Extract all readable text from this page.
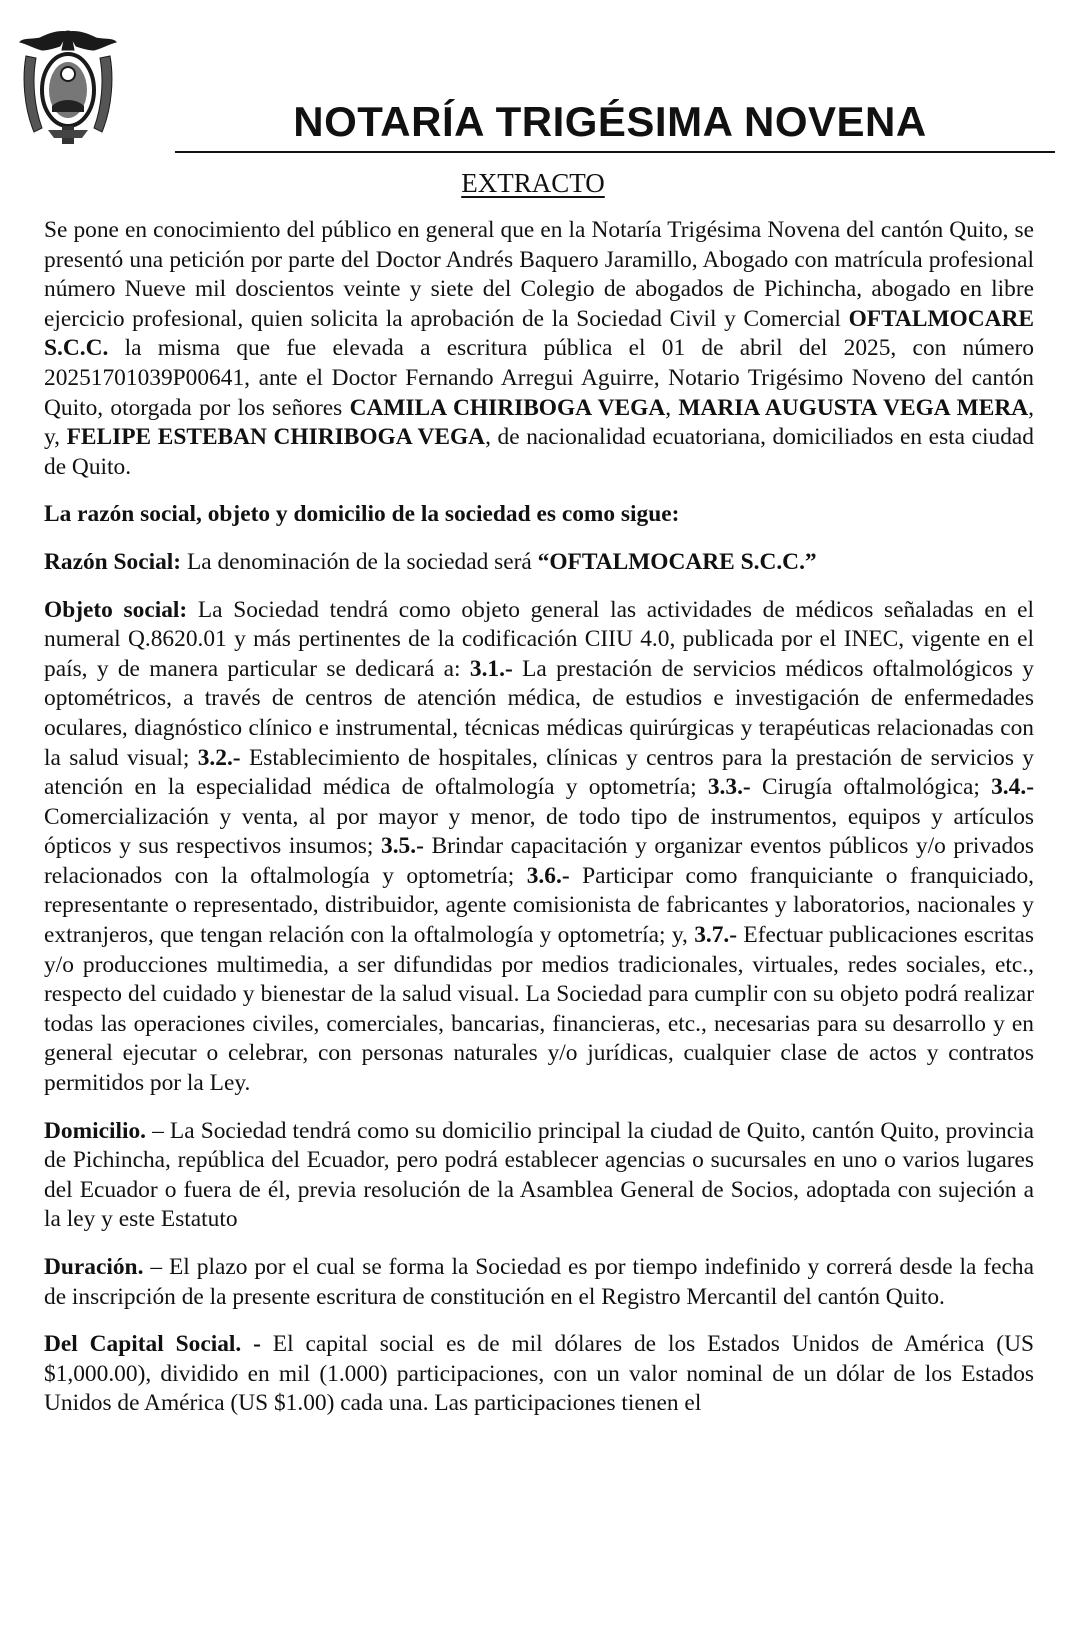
NOTARÍA TRIGÉSIMA NOVENA
EXTRACTO

Se pone en conocimiento del público en general que en la Notaría Trigésima Novena del cantón Quito, se presentó una petición por parte del Doctor Andrés Baquero Jaramillo, Abogado con matrícula profesional número Nueve mil doscientos veinte y siete del Colegio de abogados de Pichincha, abogado en libre ejercicio profesional, quien solicita la aprobación de la Sociedad Civil y Comercial OFTALMOCARE S.C.C. la misma que fue elevada a escritura pública el 01 de abril del 2025, con número 20251701039P00641, ante el Doctor Fernando Arregui Aguirre, Notario Trigésimo Noveno del cantón Quito, otorgada por los señores CAMILA CHIRIBOGA VEGA, MARIA AUGUSTA VEGA MERA, y, FELIPE ESTEBAN CHIRIBOGA VEGA, de nacionalidad ecuatoriana, domiciliados en esta ciudad de Quito.

La razón social, objeto y domicilio de la sociedad es como sigue:

Razón Social: La denominación de la sociedad será “OFTALMOCARE S.C.C.”

Objeto social: La Sociedad tendrá como objeto general las actividades de médicos señaladas en el numeral Q.8620.01 y más pertinentes de la codificación CIIU 4.0, publicada por el INEC, vigente en el país, y de manera particular se dedicará a: 3.1.- La prestación de servicios médicos oftalmológicos y optométricos, a través de centros de atención médica, de estudios e investigación de enfermedades oculares, diagnóstico clínico e instrumental, técnicas médicas quirúrgicas y terapéuticas relacionadas con la salud visual; 3.2.- Establecimiento de hospitales, clínicas y centros para la prestación de servicios y atención en la especialidad médica de oftalmología y optometría; 3.3.- Cirugía oftalmológica; 3.4.- Comercialización y venta, al por mayor y menor, de todo tipo de instrumentos, equipos y artículos ópticos y sus respectivos insumos; 3.5.- Brindar capacitación y organizar eventos públicos y/o privados relacionados con la oftalmología y optometría; 3.6.- Participar como franquiciante o franquiciado, representante o representado, distribuidor, agente comisionista de fabricantes y laboratorios, nacionales y extranjeros, que tengan relación con la oftalmología y optometría; y, 3.7.- Efectuar publicaciones escritas y/o producciones multimedia, a ser difundidas por medios tradicionales, virtuales, redes sociales, etc., respecto del cuidado y bienestar de la salud visual. La Sociedad para cumplir con su objeto podrá realizar todas las operaciones civiles, comerciales, bancarias, financieras, etc., necesarias para su desarrollo y en general ejecutar o celebrar, con personas naturales y/o jurídicas, cualquier clase de actos y contratos permitidos por la Ley.

Domicilio. – La Sociedad tendrá como su domicilio principal la ciudad de Quito, cantón Quito, provincia de Pichincha, república del Ecuador, pero podrá establecer agencias o sucursales en uno o varios lugares del Ecuador o fuera de él, previa resolución de la Asamblea General de Socios, adoptada con sujeción a la ley y este Estatuto

Duración. – El plazo por el cual se forma la Sociedad es por tiempo indefinido y correrá desde la fecha de inscripción de la presente escritura de constitución en el Registro Mercantil del cantón Quito.

Del Capital Social. - El capital social es de mil dólares de los Estados Unidos de América (US $1,000.00), dividido en mil (1.000) participaciones, con un valor nominal de un dólar de los Estados Unidos de América (US $1.00) cada una. Las participaciones tienen el
